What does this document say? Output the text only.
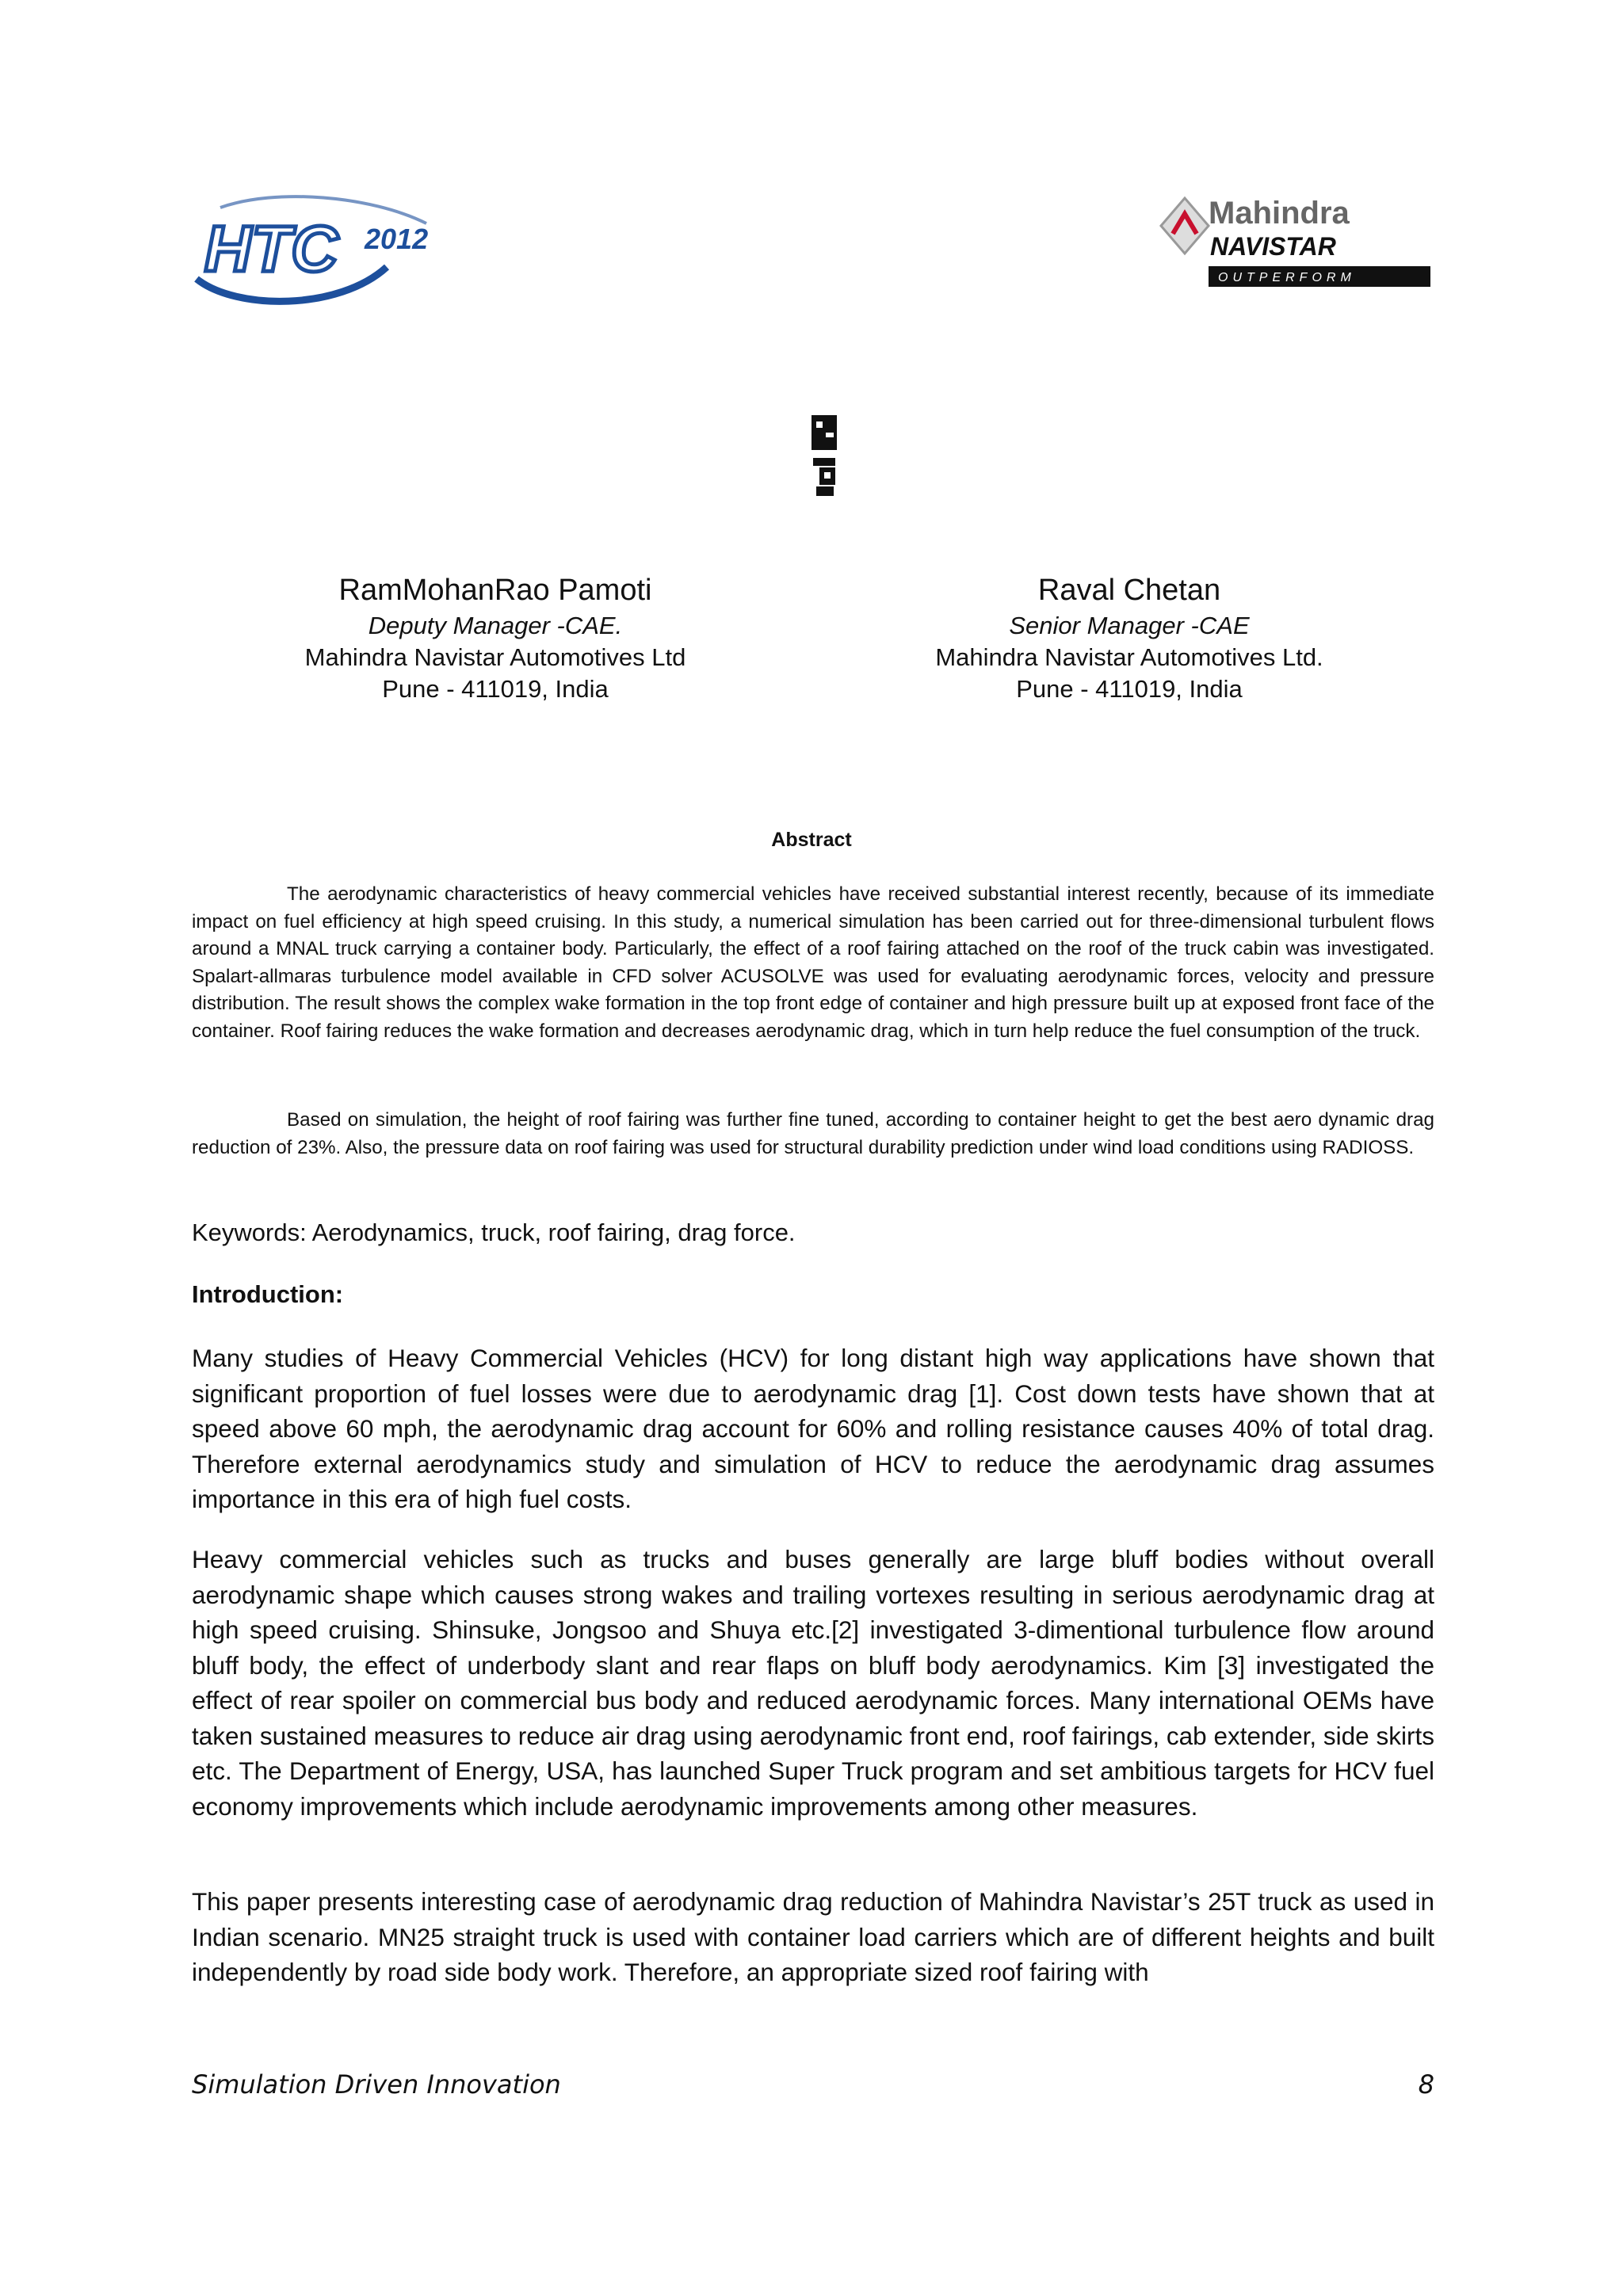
HTC 2012
Mahindra
NAVISTAR
OUTPERFORM
RamMohanRao Pamoti
Deputy Manager -CAE.
Mahindra Navistar Automotives Ltd
Pune - 411019, India
Raval Chetan
Senior Manager -CAE
Mahindra Navistar Automotives Ltd.
Pune - 411019, India
Abstract
The aerodynamic characteristics of heavy commercial vehicles have received substantial interest recently, because of its immediate impact on fuel efficiency at high speed cruising. In this study, a numerical simulation has been carried out for three-dimensional turbulent flows around a MNAL truck carrying a container body. Particularly, the effect of a roof fairing attached on the roof of the truck cabin was investigated. Spalart-allmaras turbulence model available in CFD solver ACUSOLVE was used for evaluating aerodynamic forces, velocity and pressure distribution. The result shows the complex wake formation in the top front edge of container and high pressure built up at exposed front face of the container. Roof fairing reduces the wake formation and decreases aerodynamic drag, which in turn help reduce the fuel consumption of the truck.
Based on simulation, the height of roof fairing was further fine tuned, according to container height to get the best aero dynamic drag reduction of 23%. Also, the pressure data on roof fairing was used for structural durability prediction under wind load conditions using RADIOSS.
Keywords: Aerodynamics, truck, roof fairing, drag force.
Introduction:
Many studies of Heavy Commercial Vehicles (HCV) for long distant high way applications have shown that significant proportion of fuel losses were due to aerodynamic drag [1]. Cost down tests have shown that at speed above 60 mph, the aerodynamic drag account for 60% and rolling resistance causes 40% of total drag. Therefore external aerodynamics study and simulation of HCV to reduce the aerodynamic drag assumes importance in this era of high fuel costs.
Heavy commercial vehicles such as trucks and buses generally are large bluff bodies without overall aerodynamic shape which causes strong wakes and trailing vortexes resulting in serious aerodynamic drag at high speed cruising. Shinsuke, Jongsoo and Shuya etc.[2] investigated 3-dimentional turbulence flow around bluff body, the effect of underbody slant and rear flaps on bluff body aerodynamics. Kim [3] investigated the effect of rear spoiler on commercial bus body and reduced aerodynamic forces. Many international OEMs have taken sustained measures to reduce air drag using aerodynamic front end, roof fairings, cab extender, side skirts etc. The Department of Energy, USA, has launched Super Truck program and set ambitious targets for HCV fuel economy improvements which include aerodynamic improvements among other measures.
This paper presents interesting case of aerodynamic drag reduction of Mahindra Navistar’s 25T truck as used in Indian scenario. MN25 straight truck is used with container load carriers which are of different heights and built independently by road side body work. Therefore, an appropriate sized roof fairing with
Simulation Driven Innovation	8
